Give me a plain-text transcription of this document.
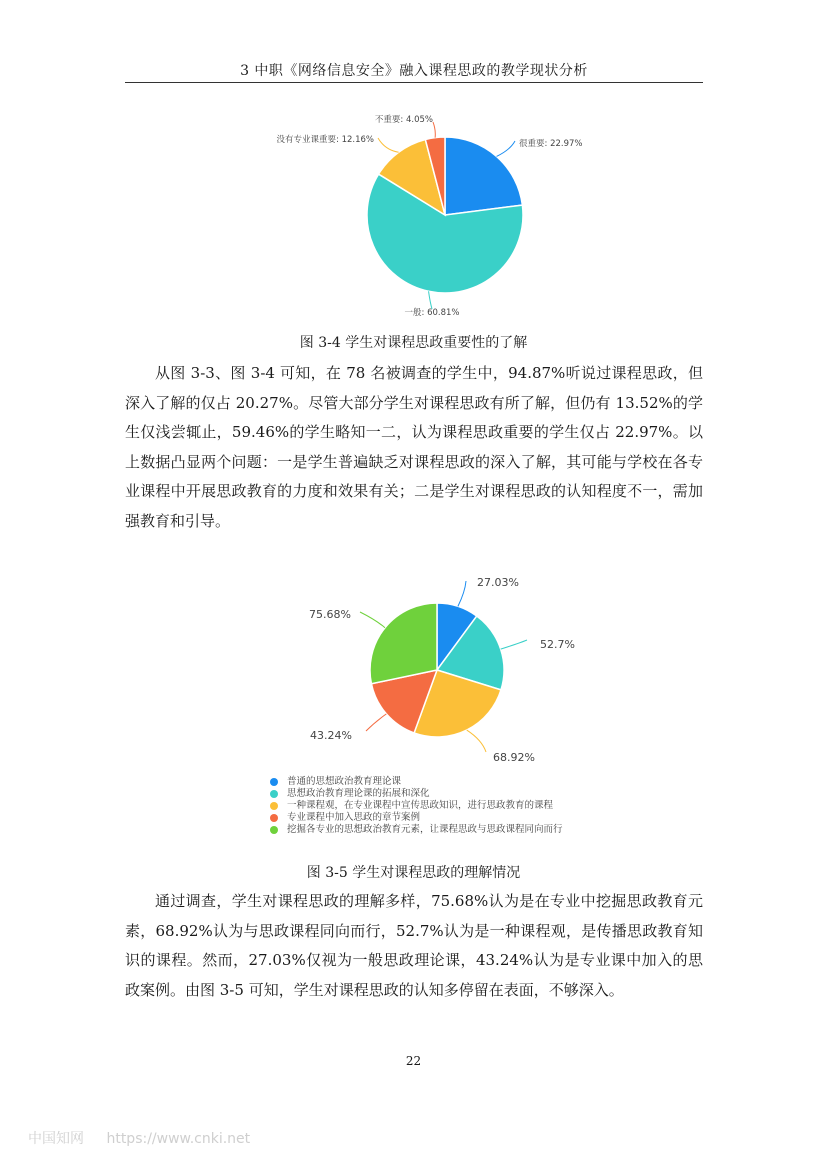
3 中职《网络信息安全》融入课程思政的教学现状分析
很重要: 22.97%
一般: 60.81%
没有专业课重要: 12.16%
不重要: 4.05%
图 3-4 学生对课程思政重要性的了解

从图 3-3、图 3-4 可知，在 78 名被调查的学生中，94.87%听说过课程思政，但深入了解的仅占 20.27%。尽管大部分学生对课程思政有所了解，但仍有 13.52%的学生仅浅尝辄止，59.46%的学生略知一二，认为课程思政重要的学生仅占 22.97%。以上数据凸显两个问题：一是学生普遍缺乏对课程思政的深入了解，其可能与学校在各专业课程中开展思政教育的力度和效果有关；二是学生对课程思政的认知程度不一，需加强教育和引导。

27.03%
52.7%
68.92%
43.24%
75.68%
普通的思想政治教育理论课
思想政治教育理论课的拓展和深化
一种课程观，在专业课程中宣传思政知识，进行思政教育的课程
专业课程中加入思政的章节案例
挖掘各专业的思想政治教育元素，让课程思政与思政课程同向而行
图 3-5 学生对课程思政的理解情况

通过调查，学生对课程思政的理解多样，75.68%认为是在专业中挖掘思政教育元素，68.92%认为与思政课程同向而行，52.7%认为是一种课程观，是传播思政教育知识的课程。然而，27.03%仅视为一般思政理论课，43.24%认为是专业课中加入的思政案例。由图 3-5 可知，学生对课程思政的认知多停留在表面，不够深入。

22
中国知网 https://www.cnki.net
